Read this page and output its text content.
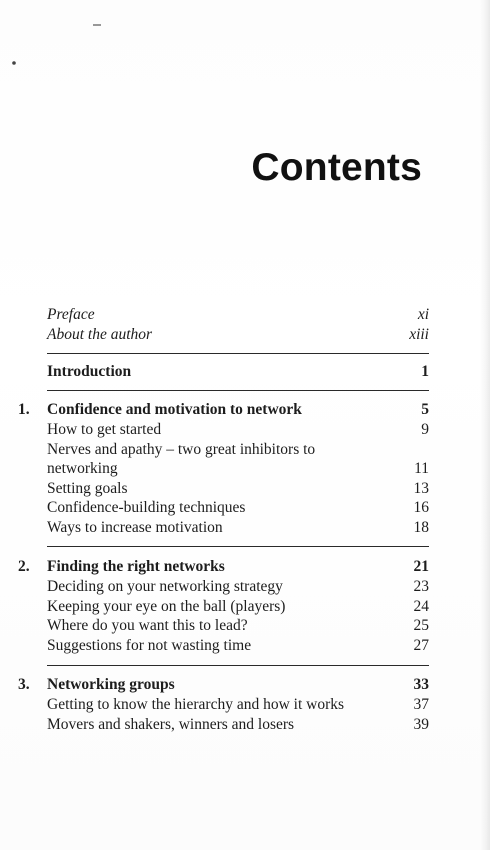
Contents
Preface	xi
About the author	xiii
Introduction	1
1. Confidence and motivation to network	5
How to get started	9
Nerves and apathy – two great inhibitors to networking	11
Setting goals	13
Confidence-building techniques	16
Ways to increase motivation	18
2. Finding the right networks	21
Deciding on your networking strategy	23
Keeping your eye on the ball (players)	24
Where do you want this to lead?	25
Suggestions for not wasting time	27
3. Networking groups	33
Getting to know the hierarchy and how it works	37
Movers and shakers, winners and losers	39
